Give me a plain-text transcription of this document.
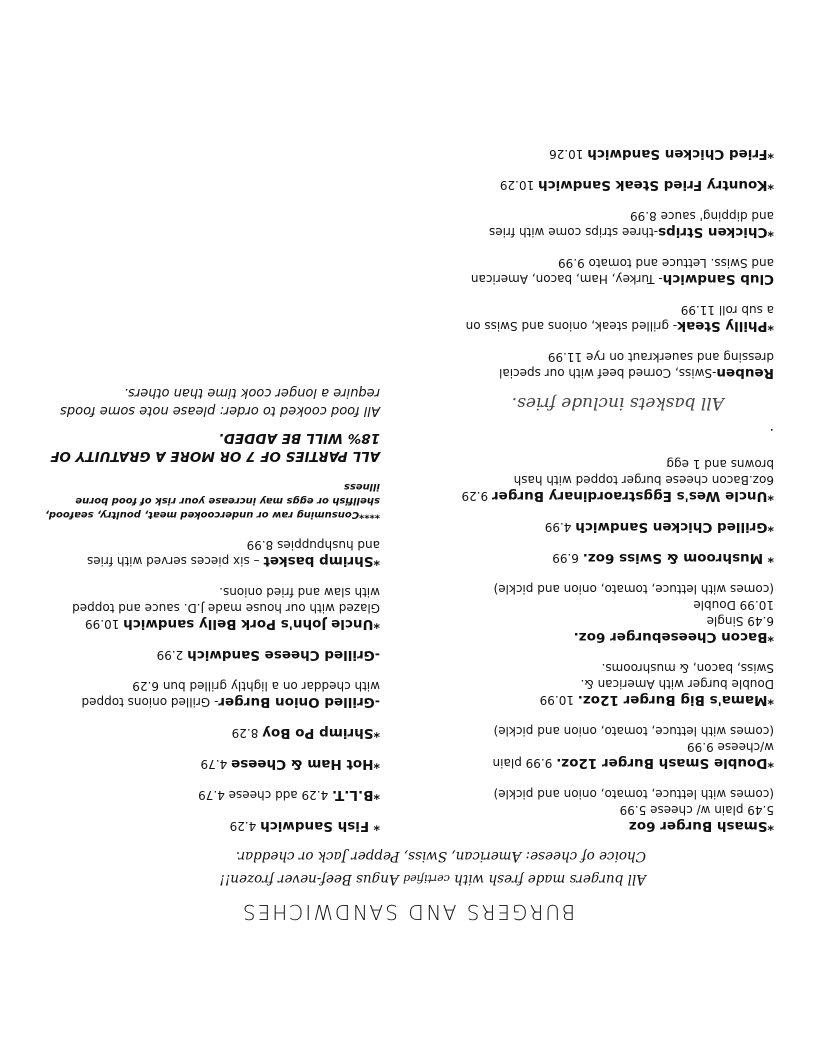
BURGERS AND SANDWICHES
All burgers made fresh with certified Angus Beef-never frozen!!
Choice of cheese: American, Swiss, Pepper Jack or cheddar.
*Smash Burger 6oz
5.49 plain w/ cheese 5.99
(comes with lettuce, tomato, onion and pickle)
*Double Smash Burger 12oz. 9.99 plain
w/cheese 9.99
(comes with lettuce, tomato, onion and pickle)
*Mama's Big Burger 12oz. 10.99
Double burger with American &.
Swiss, bacon, & mushrooms.
*Bacon Cheeseburger 6oz.
6.49 Single
10.99 Double
(comes with lettuce, tomato, onion and pickle)
* Mushroom & Swiss 6oz. 6.99
*Grilled Chicken Sandwich 4.99
*Uncle Wes's Eggstraordinary Burger 9.29
6oz.Bacon cheese burger topped with hash
browns and 1 egg
.
All baskets include fries.
Reuben-Swiss, Corned beef with our special
dressing and sauerkraut on rye 11.99
*Philly Steak- grilled steak, onions and Swiss on
a sub roll 11.99
Club Sandwich- Turkey, Ham, bacon, American
and Swiss. Lettuce and tomato 9.99
*Chicken Strips-three strips come with fries
and dipping' sauce 8.99
*Kountry Fried Steak Sandwich 10.29
*Fried Chicken Sandwich 10.26
* Fish Sandwich 4.29
*B.L.T. 4.29 add cheese 4.79
*Hot Ham & Cheese 4.79
*Shrimp Po Boy 8.29
-Grilled Onion Burger- Grilled onions topped
with cheddar on a lightly grilled bun 6.29
-Grilled Cheese Sandwich 2.99
*Uncle John's Pork Belly sandwich 10.99
Glazed with our house made J.D. sauce and topped
with slaw and fried onions.
*Shrimp basket – six pieces served with fries
and hushpuppies 8.99
****Consuming raw or undercooked meat, poultry, seafood, shellfish or eggs may increase your risk of food borne illness
ALL PARTIES OF 7 OR MORE A GRATUITY OF 18% WILL BE ADDED.
All food cooked to order: please note some foods require a longer cook time than others.
